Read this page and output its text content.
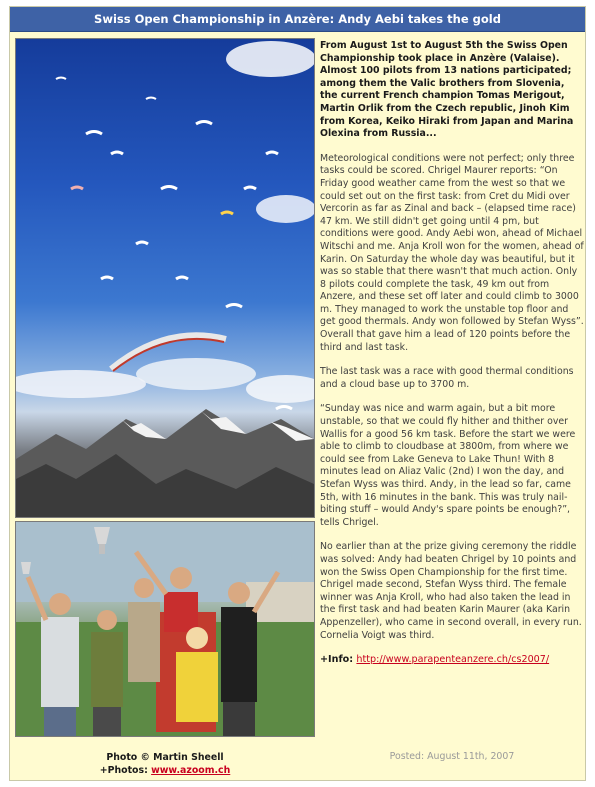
Swiss Open Championship in Anzère: Andy Aebi takes the gold

From August 1st to August 5th the Swiss Open Championship took place in Anzère (Valaise). Almost 100 pilots from 13 nations participated; among them the Valic brothers from Slovenia, the current French champion Tomas Merigout, Martin Orlik from the Czech republic, Jinoh Kim from Korea, Keiko Hiraki from Japan and Marina Olexina from Russia...

Meteorological conditions were not perfect; only three tasks could be scored. Chrigel Maurer reports: “On Friday good weather came from the west so that we could set out on the first task: from Cret du Midi over Vercorin as far as Zinal and back – (elapsed time race) 47 km. We still didn't get going until 4 pm, but conditions were good. Andy Aebi won, ahead of Michael Witschi and me. Anja Kroll won for the women, ahead of Karin. On Saturday the whole day was beautiful, but it was so stable that there wasn't that much action. Only 8 pilots could complete the task, 49 km out from Anzere, and these set off later and could climb to 3000 m. They managed to work the unstable top floor and get good thermals. Andy won followed by Stefan Wyss”. Overall that gave him a lead of 120 points before the third and last task.

The last task was a race with good thermal conditions and a cloud base up to 3700 m.

“Sunday was nice and warm again, but a bit more unstable, so that we could fly hither and thither over Wallis for a good 56 km task. Before the start we were able to climb to cloudbase at 3800m, from where we could see from Lake Geneva to Lake Thun! With 8 minutes lead on Aliaz Valic (2nd) I won the day, and Stefan Wyss was third. Andy, in the lead so far, came 5th, with 16 minutes in the bank. This was truly nail-biting stuff – would Andy's spare points be enough?”, tells Chrigel.

No earlier than at the prize giving ceremony the riddle was solved: Andy had beaten Chrigel by 10 points and won the Swiss Open Championship for the first time. Chrigel made second, Stefan Wyss third. The female winner was Anja Kroll, who had also taken the lead in the first task and had beaten Karin Maurer (aka Karin Appenzeller), who came in second overall, in every run. Cornelia Voigt was third.

+Info: http://www.parapenteanzere.ch/cs2007/

Photo © Martin Sheell
+Photos: www.azoom.ch
Posted: August 11th, 2007
